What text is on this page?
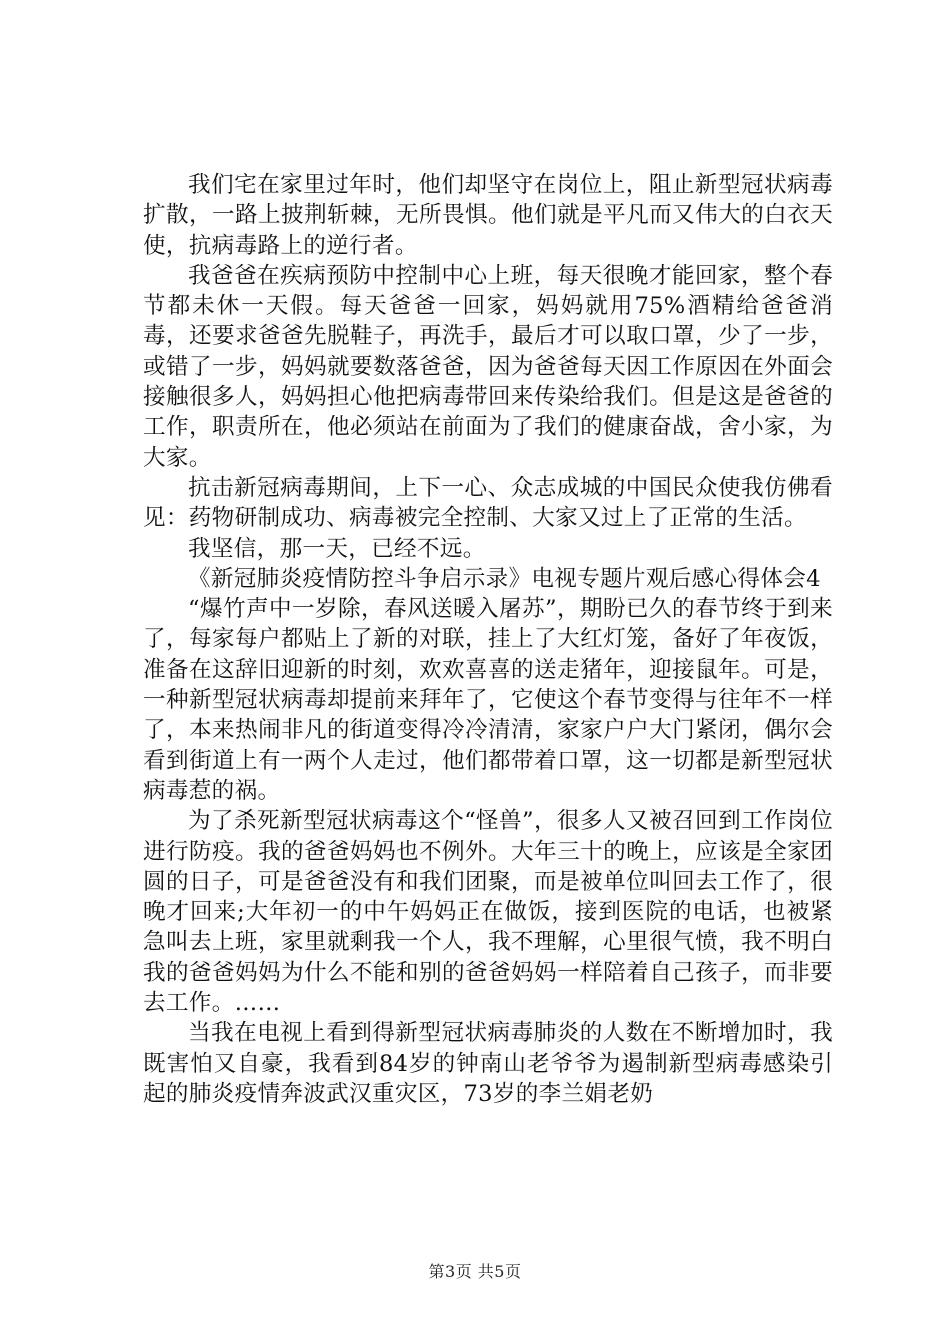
我们宅在家里过年时，他们却坚守在岗位上，阻止新型冠状病毒扩散，一路上披荆斩棘，无所畏惧。他们就是平凡而又伟大的白衣天使，抗病毒路上的逆行者。

我爸爸在疾病预防中控制中心上班，每天很晚才能回家，整个春节都未休一天假。每天爸爸一回家，妈妈就用75%酒精给爸爸消毒，还要求爸爸先脱鞋子，再洗手，最后才可以取口罩，少了一步，或错了一步，妈妈就要数落爸爸，因为爸爸每天因工作原因在外面会接触很多人，妈妈担心他把病毒带回来传染给我们。但是这是爸爸的工作，职责所在，他必须站在前面为了我们的健康奋战，舍小家，为大家。

抗击新冠病毒期间，上下一心、众志成城的中国民众使我仿佛看见：药物研制成功、病毒被完全控制、大家又过上了正常的生活。

我坚信，那一天，已经不远。

《新冠肺炎疫情防控斗争启示录》电视专题片观后感心得体会4

“爆竹声中一岁除，春风送暖入屠苏”，期盼已久的春节终于到来了，每家每户都贴上了新的对联，挂上了大红灯笼，备好了年夜饭，准备在这辞旧迎新的时刻，欢欢喜喜的送走猪年，迎接鼠年。可是，一种新型冠状病毒却提前来拜年了，它使这个春节变得与往年不一样了，本来热闹非凡的街道变得冷冷清清，家家户户大门紧闭，偶尔会看到街道上有一两个人走过，他们都带着口罩，这一切都是新型冠状病毒惹的祸。

为了杀死新型冠状病毒这个“怪兽”，很多人又被召回到工作岗位进行防疫。我的爸爸妈妈也不例外。大年三十的晚上，应该是全家团圆的日子，可是爸爸没有和我们团聚，而是被单位叫回去工作了，很晚才回来;大年初一的中午妈妈正在做饭，接到医院的电话，也被紧急叫去上班，家里就剩我一个人，我不理解，心里很气愤，我不明白我的爸爸妈妈为什么不能和别的爸爸妈妈一样陪着自己孩子，而非要去工作。……

当我在电视上看到得新型冠状病毒肺炎的人数在不断增加时，我既害怕又自豪，我看到84岁的钟南山老爷爷为遏制新型病毒感染引起的肺炎疫情奔波武汉重灾区，73岁的李兰娟老奶

第3页 共5页
